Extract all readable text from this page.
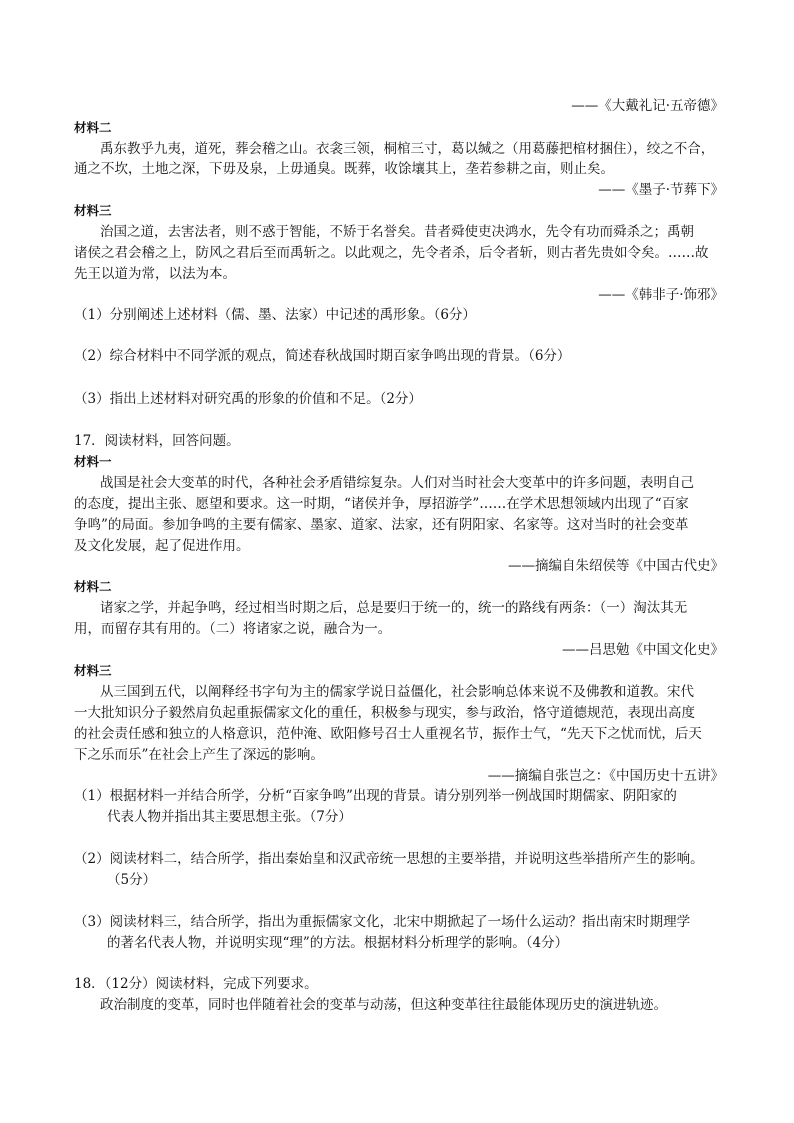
——《大戴礼记·五帝德》
材料二
禹东教乎九夷，道死，葬会稽之山。衣衾三领，桐棺三寸，葛以缄之（用葛藤把棺材捆住），绞之不合，
通之不坎，土地之深，下毋及泉，上毋通臭。既葬，收馀壤其上，垄若参耕之亩，则止矣。
——《墨子·节葬下》
材料三
治国之道，去害法者，则不惑于智能，不矫于名誉矣。昔者舜使吏决鸿水，先令有功而舜杀之；禹朝
诸侯之君会稽之上，防风之君后至而禹斩之。以此观之，先令者杀，后令者斩，则古者先贵如令矣。……故
先王以道为常，以法为本。
——《韩非子·饰邪》
（1）分别阐述上述材料（儒、墨、法家）中记述的禹形象。（6分）
（2）综合材料中不同学派的观点，简述春秋战国时期百家争鸣出现的背景。（6分）
（3）指出上述材料对研究禹的形象的价值和不足。（2分）
17．阅读材料，回答问题。
材料一
战国是社会大变革的时代，各种社会矛盾错综复杂。人们对当时社会大变革中的许多问题，表明自己
的态度，提出主张、愿望和要求。这一时期，“诸侯并争，厚招游学”……在学术思想领域内出现了“百家
争鸣”的局面。参加争鸣的主要有儒家、墨家、道家、法家，还有阴阳家、名家等。这对当时的社会变革
及文化发展，起了促进作用。
——摘编自朱绍侯等《中国古代史》
材料二
诸家之学，并起争鸣，经过相当时期之后，总是要归于统一的，统一的路线有两条：（一）淘汰其无
用，而留存其有用的。（二）将诸家之说，融合为一。
——吕思勉《中国文化史》
材料三
从三国到五代，以阐释经书字句为主的儒家学说日益僵化，社会影响总体来说不及佛教和道教。宋代
一大批知识分子毅然肩负起重振儒家文化的重任，积极参与现实，参与政治，恪守道德规范，表现出高度
的社会责任感和独立的人格意识，范仲淹、欧阳修号召士人重视名节，振作士气，“先天下之忧而忧，后天
下之乐而乐”在社会上产生了深远的影响。
——摘编自张岂之：《中国历史十五讲》
（1）根据材料一并结合所学，分析“百家争鸣”出现的背景。请分别列举一例战国时期儒家、阴阳家的
代表人物并指出其主要思想主张。（7分）
（2）阅读材料二，结合所学，指出秦始皇和汉武帝统一思想的主要举措，并说明这些举措所产生的影响。
（5分）
（3）阅读材料三，结合所学，指出为重振儒家文化，北宋中期掀起了一场什么运动？指出南宋时期理学
的著名代表人物，并说明实现“理”的方法。根据材料分析理学的影响。（4分）
18．（12分）阅读材料，完成下列要求。
政治制度的变革，同时也伴随着社会的变革与动荡，但这种变革往往最能体现历史的演进轨迹。
